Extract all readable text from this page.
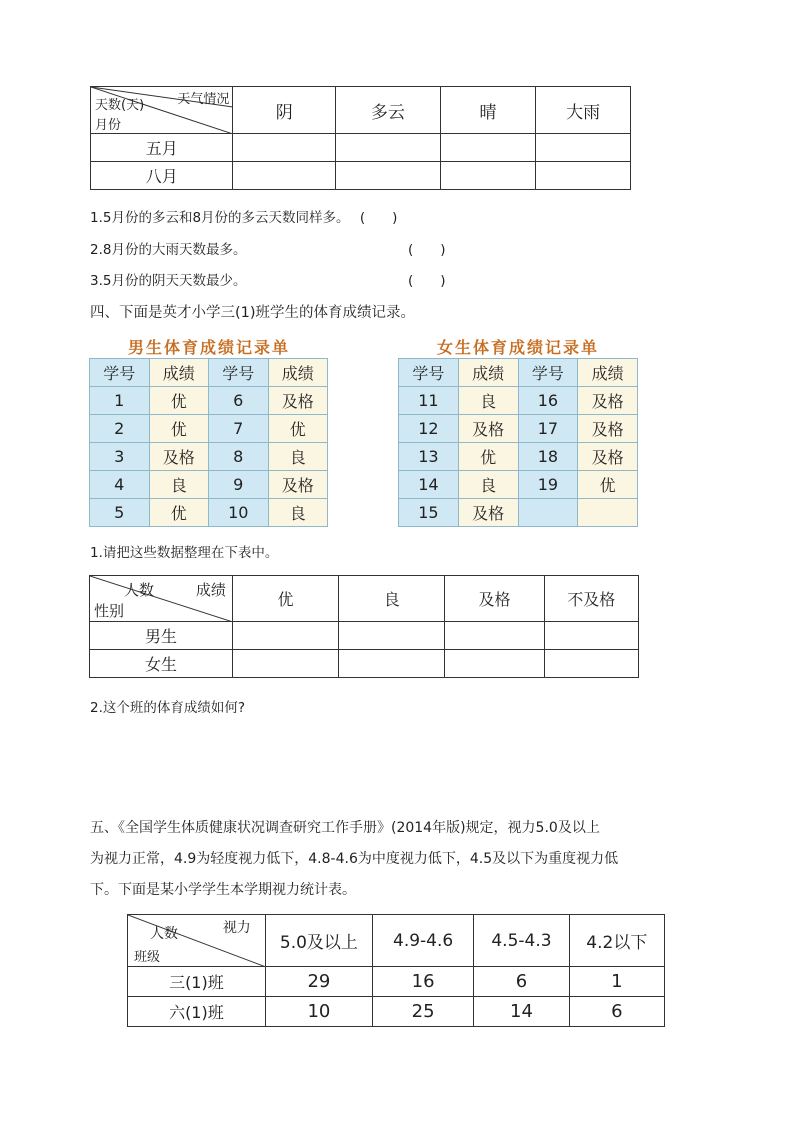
天气情况
天数(天)
月份	阴	多云	晴	大雨
五月				
八月				
1.5月份的多云和8月份的多云天数同样多。 (　　)
2.8月份的大雨天数最多。	(　　)
3.5月份的阴天天数最少。	(　　)
四、下面是英才小学三(1)班学生的体育成绩记录。
男生体育成绩记录单
学号	成绩	学号	成绩
1	优	6	及格
2	优	7	优
3	及格	8	良
4	良	9	及格
5	优	10	良
女生体育成绩记录单
学号	成绩	学号	成绩
11	良	16	及格
12	及格	17	及格
13	优	18	及格
14	良	19	优
15	及格		
1.请把这些数据整理在下表中。
人数 成绩
性别	优	良	及格	不及格
男生				
女生				
2.这个班的体育成绩如何?
五、《全国学生体质健康状况调查研究工作手册》(2014年版)规定，视力5.0及以上
为视力正常，4.9为轻度视力低下，4.8-4.6为中度视力低下，4.5及以下为重度视力低
下。下面是某小学学生本学期视力统计表。
人数 视力
班级	5.0及以上	4.9-4.6	4.5-4.3	4.2以下
三(1)班	29	16	6	1
六(1)班	10	25	14	6
